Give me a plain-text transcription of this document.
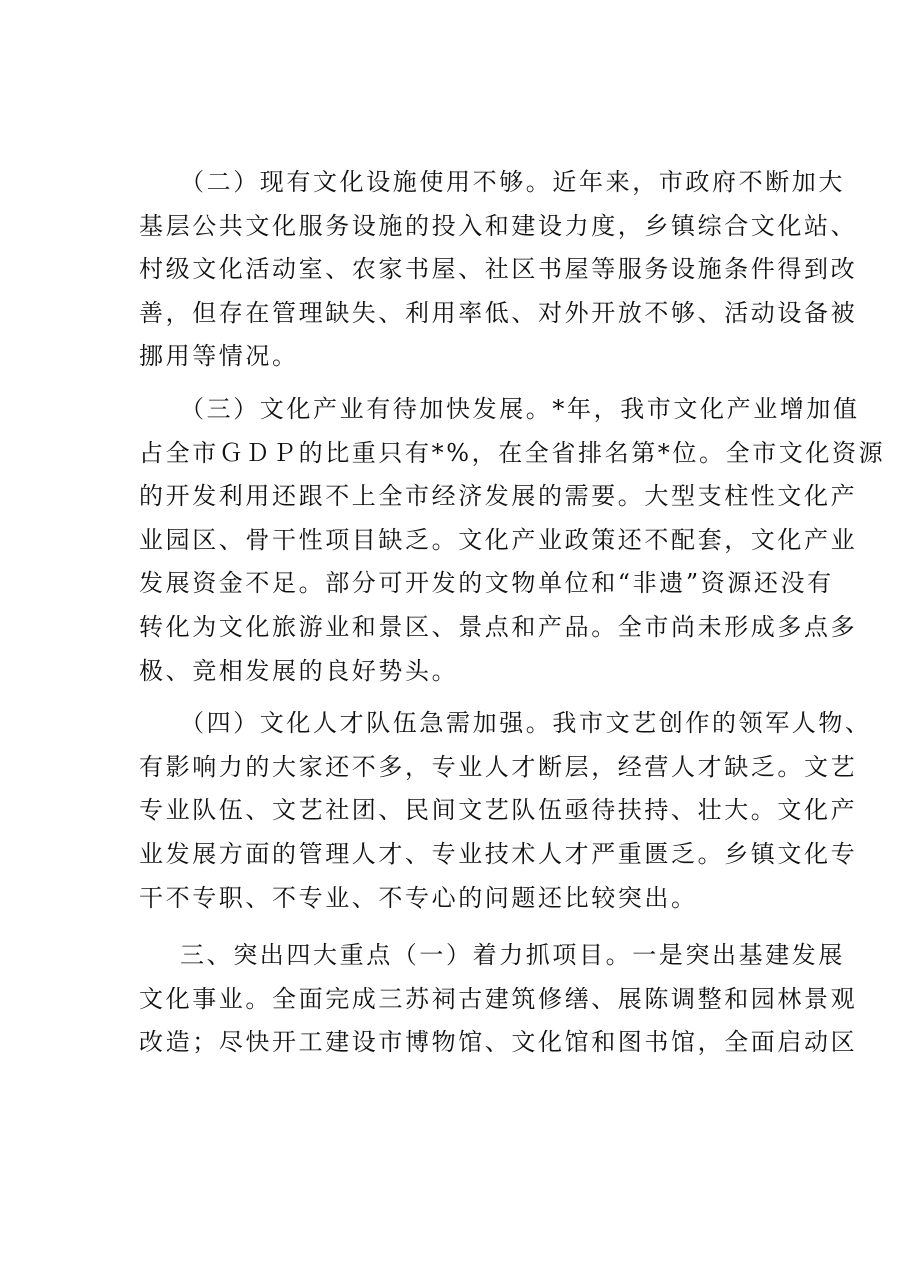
（二）现有文化设施使用不够。近年来，市政府不断加大
基层公共文化服务设施的投入和建设力度，乡镇综合文化站、
村级文化活动室、农家书屋、社区书屋等服务设施条件得到改
善，但存在管理缺失、利用率低、对外开放不够、活动设备被
挪用等情况。
（三）文化产业有待加快发展。*年，我市文化产业增加值
占全市ＧＤＰ的比重只有*%，在全省排名第*位。全市文化资源
的开发利用还跟不上全市经济发展的需要。大型支柱性文化产
业园区、骨干性项目缺乏。文化产业政策还不配套，文化产业
发展资金不足。部分可开发的文物单位和“非遗”资源还没有
转化为文化旅游业和景区、景点和产品。全市尚未形成多点多
极、竞相发展的良好势头。
（四）文化人才队伍急需加强。我市文艺创作的领军人物、
有影响力的大家还不多，专业人才断层，经营人才缺乏。文艺
专业队伍、文艺社团、民间文艺队伍亟待扶持、壮大。文化产
业发展方面的管理人才、专业技术人才严重匮乏。乡镇文化专
干不专职、不专业、不专心的问题还比较突出。
三、突出四大重点（一）着力抓项目。一是突出基建发展
文化事业。全面完成三苏祠古建筑修缮、展陈调整和园林景观
改造；尽快开工建设市博物馆、文化馆和图书馆，全面启动区
